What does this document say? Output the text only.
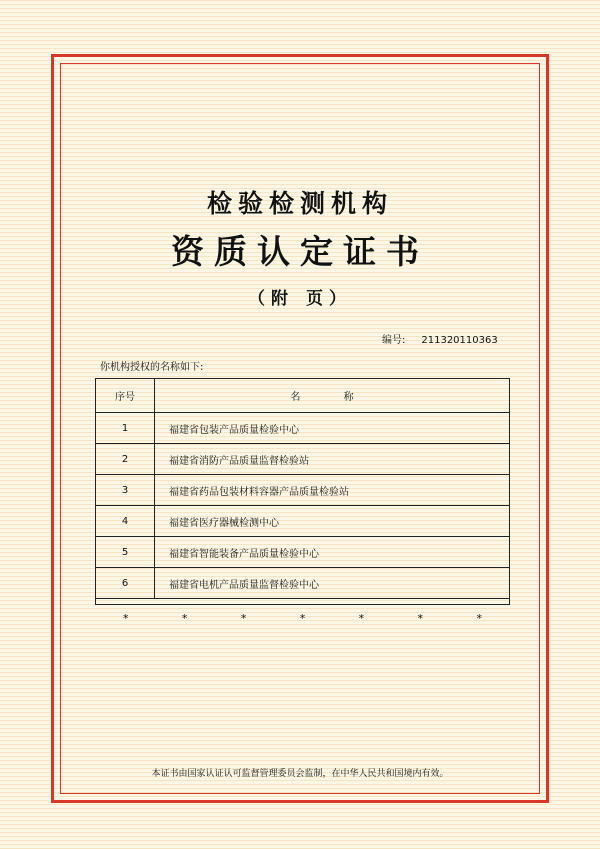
检验检测机构
资质认定证书
（附 页）
编号: 211320110363
你机构授权的名称如下:
序号	名 称
1	福建省包装产品质量检验中心
2	福建省消防产品质量监督检验站
3	福建省药品包装材料容器产品质量检验站
4	福建省医疗器械检测中心
5	福建省智能装备产品质量检验中心
6	福建省电机产品质量监督检验中心
*	*	*	*	*	*	*
本证书由国家认证认可监督管理委员会监制，在中华人民共和国境内有效。
